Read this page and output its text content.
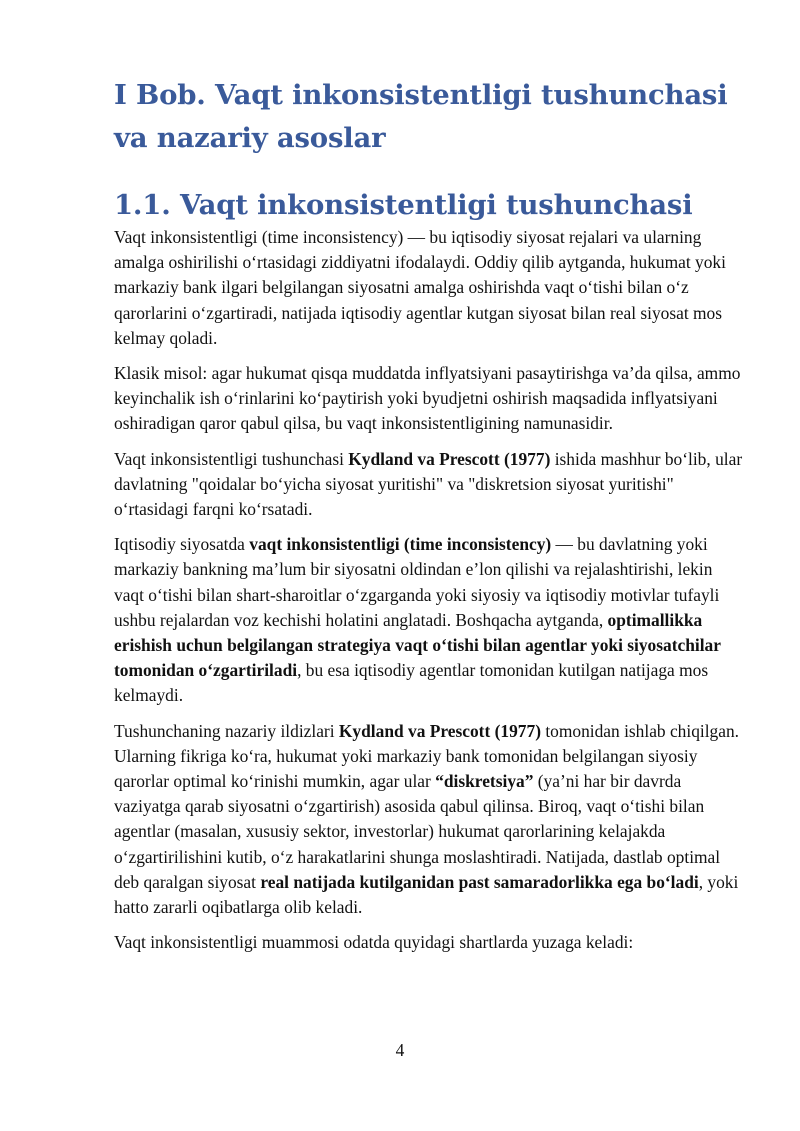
I Bob. Vaqt inkonsistentligi tushunchasi va nazariy asoslar
1.1. Vaqt inkonsistentligi tushunchasi

Vaqt inkonsistentligi (time inconsistency) — bu iqtisodiy siyosat rejalari va ularning amalga oshirilishi o‘rtasidagi ziddiyatni ifodalaydi. Oddiy qilib aytganda, hukumat yoki markaziy bank ilgari belgilangan siyosatni amalga oshirishda vaqt o‘tishi bilan o‘z qarorlarini o‘zgartiradi, natijada iqtisodiy agentlar kutgan siyosat bilan real siyosat mos kelmay qoladi.

Klasik misol: agar hukumat qisqa muddatda inflyatsiyani pasaytirishga va’da qilsa, ammo keyinchalik ish o‘rinlarini ko‘paytirish yoki byudjetni oshirish maqsadida inflyatsiyani oshiradigan qaror qabul qilsa, bu vaqt inkonsistentligining namunasidir.

Vaqt inkonsistentligi tushunchasi Kydland va Prescott (1977) ishida mashhur bo‘lib, ular davlatning "qoidalar bo‘yicha siyosat yuritishi" va "diskretsion siyosat yuritishi" o‘rtasidagi farqni ko‘rsatadi.

Iqtisodiy siyosatda vaqt inkonsistentligi (time inconsistency) — bu davlatning yoki markaziy bankning ma’lum bir siyosatni oldindan e’lon qilishi va rejalashtirishi, lekin vaqt o‘tishi bilan shart-sharoitlar o‘zgarganda yoki siyosiy va iqtisodiy motivlar tufayli ushbu rejalardan voz kechishi holatini anglatadi. Boshqacha aytganda, optimallikka erishish uchun belgilangan strategiya vaqt o‘tishi bilan agentlar yoki siyosatchilar tomonidan o‘zgartiriladi, bu esa iqtisodiy agentlar tomonidan kutilgan natijaga mos kelmaydi.

Tushunchaning nazariy ildizlari Kydland va Prescott (1977) tomonidan ishlab chiqilgan. Ularning fikriga ko‘ra, hukumat yoki markaziy bank tomonidan belgilangan siyosiy qarorlar optimal ko‘rinishi mumkin, agar ular “diskretsiya” (ya’ni har bir davrda vaziyatga qarab siyosatni o‘zgartirish) asosida qabul qilinsa. Biroq, vaqt o‘tishi bilan agentlar (masalan, xususiy sektor, investorlar) hukumat qarorlarining kelajakda o‘zgartirilishini kutib, o‘z harakatlarini shunga moslashtiradi. Natijada, dastlab optimal deb qaralgan siyosat real natijada kutilganidan past samaradorlikka ega bo‘ladi, yoki hatto zararli oqibatlarga olib keladi.

Vaqt inkonsistentligi muammosi odatda quyidagi shartlarda yuzaga keladi:

4
